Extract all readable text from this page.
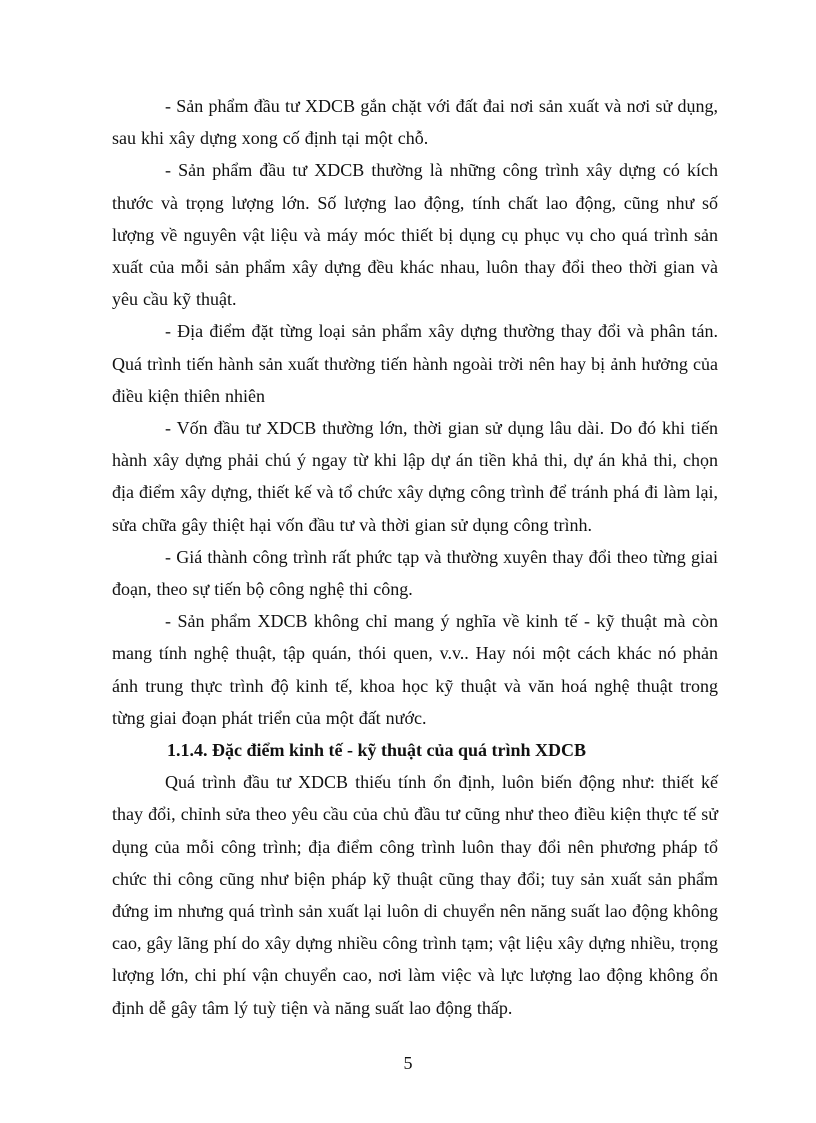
- Sản phẩm đầu tư XDCB gắn chặt với đất đai nơi sản xuất và nơi sử dụng, sau khi xây dựng xong cố định tại một chỗ.

- Sản phẩm đầu tư XDCB thường là những công trình xây dựng có kích thước và trọng lượng lớn. Số lượng lao động, tính chất lao động, cũng như số lượng về nguyên vật liệu và máy móc thiết bị dụng cụ phục vụ cho quá trình sản xuất của mỗi sản phẩm xây dựng đều khác nhau, luôn thay đổi theo thời gian và yêu cầu kỹ thuật.

- Địa điểm đặt từng loại sản phẩm xây dựng thường thay đổi và phân tán. Quá trình tiến hành sản xuất thường tiến hành ngoài trời nên hay bị ảnh hưởng của điều kiện thiên nhiên

- Vốn đầu tư XDCB thường lớn, thời gian sử dụng lâu dài. Do đó khi tiến hành xây dựng phải chú ý ngay từ khi lập dự án tiền khả thi, dự án khả thi, chọn địa điểm xây dựng, thiết kế và tổ chức xây dựng công trình để tránh phá đi làm lại, sửa chữa gây thiệt hại vốn đầu tư và thời gian sử dụng công trình.

- Giá thành công trình rất phức tạp và thường xuyên thay đổi theo từng giai đoạn, theo sự tiến bộ công nghệ thi công.

- Sản phẩm XDCB không chỉ mang ý nghĩa về kinh tế - kỹ thuật mà còn mang tính nghệ thuật, tập quán, thói quen, v.v.. Hay nói một cách khác nó phản ánh trung thực trình độ kinh tế, khoa học kỹ thuật và văn hoá nghệ thuật trong từng giai đoạn phát triển của một đất nước.

1.1.4. Đặc điểm kinh tế - kỹ thuật của quá trình XDCB

Quá trình đầu tư XDCB thiếu tính ổn định, luôn biến động như: thiết kế thay đổi, chỉnh sửa theo yêu cầu của chủ đầu tư cũng như theo điều kiện thực tế sử dụng của mỗi công trình; địa điểm công trình luôn thay đổi nên phương pháp tổ chức thi công cũng như biện pháp kỹ thuật cũng thay đổi; tuy sản xuất sản phẩm đứng im nhưng quá trình sản xuất lại luôn di chuyển nên năng suất lao động không cao, gây lãng phí do xây dựng nhiều công trình tạm; vật liệu xây dựng nhiều, trọng lượng lớn, chi phí vận chuyển cao, nơi làm việc và lực lượng lao động không ổn định dễ gây tâm lý tuỳ tiện và năng suất lao động thấp.

5
